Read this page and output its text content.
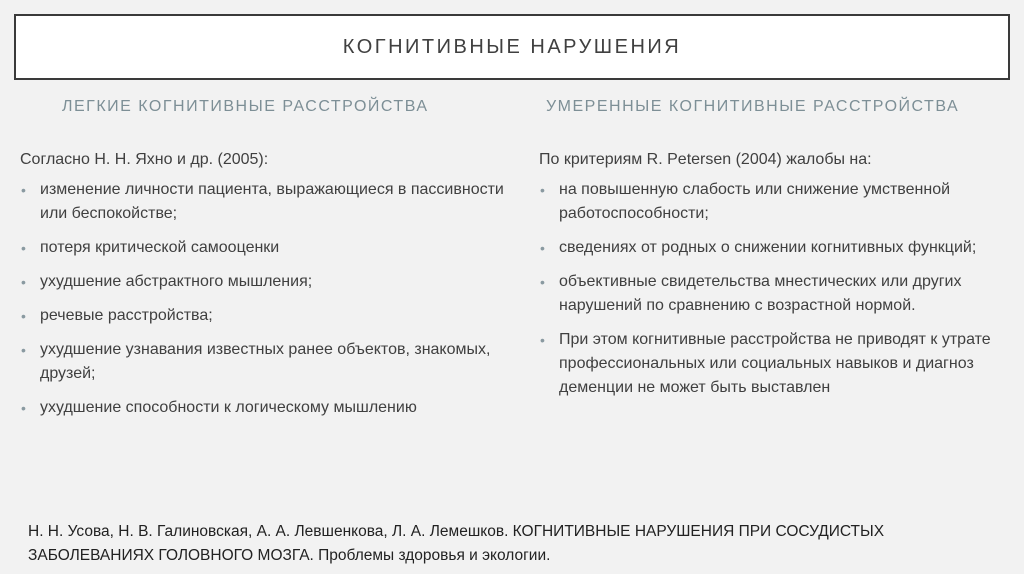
КОГНИТИВНЫЕ НАРУШЕНИЯ
ЛЕГКИЕ КОГНИТИВНЫЕ РАССТРОЙСТВА	УМЕРЕННЫЕ КОГНИТИВНЫЕ РАССТРОЙСТВА

Согласно Н. Н. Яхно и др. (2005):

• изменение личности пациента, выражающиеся в пассивности или беспокойстве;
• потеря критической самооценки
• ухудшение абстрактного мышления;
• речевые расстройства;
• ухудшение узнавания известных ранее объектов, знакомых, друзей;
• ухудшение способности к логическому мышлению

По критериям R. Petersen (2004) жалобы на:

• на повышенную слабость или снижение умственной работоспособности;
• сведениях от родных о снижении когнитивных функций;
• объективные свидетельства мнестических или других нарушений по сравнению с возрастной нормой.
• При этом когнитивные расстройства не приводят к утрате профессиональных или социальных навыков и диагноз деменции не может быть выставлен
Н. Н. Усова, Н. В. Галиновская, А. А. Левшенкова, Л. А. Лемешков. КОГНИТИВНЫЕ НАРУШЕНИЯ ПРИ СОСУДИСТЫХ ЗАБОЛЕВАНИЯХ ГОЛОВНОГО МОЗГА. Проблемы здоровья и экологии.
